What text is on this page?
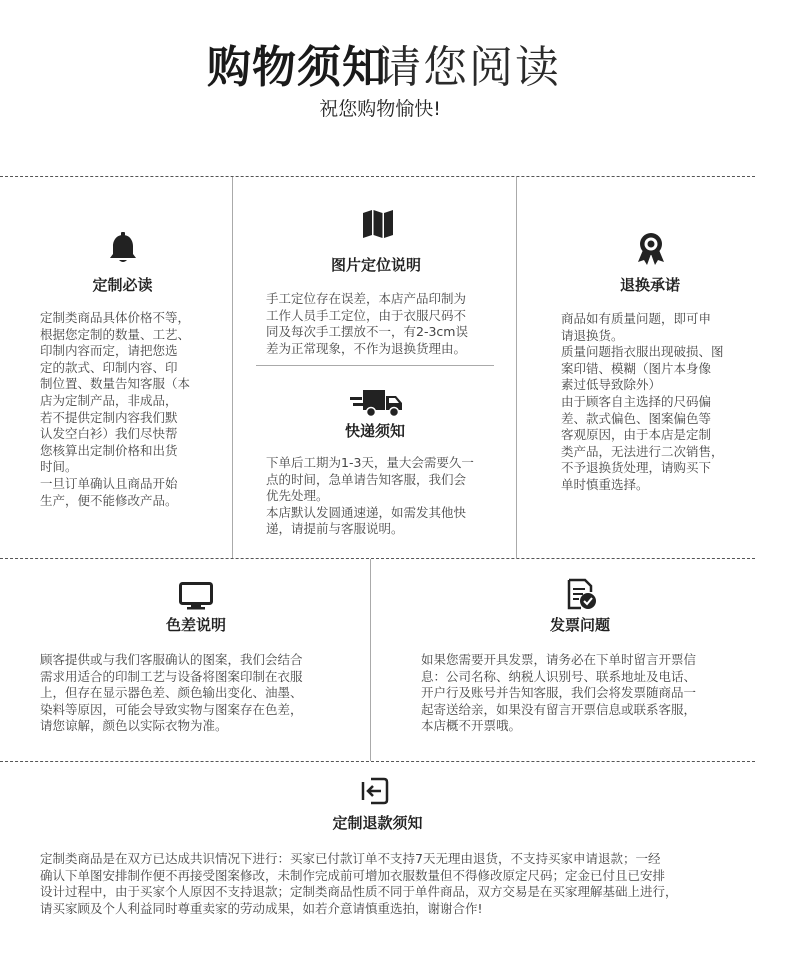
购物须知
请您阅读
祝您购物愉快!
定制必读
定制类商品具体价格不等，
根据您定制的数量、工艺、
印制内容而定，请把您选
定的款式、印制内容、印
制位置、数量告知客服（本
店为定制产品，非成品，
若不提供定制内容我们默
认发空白衫）我们尽快帮
您核算出定制价格和出货
时间。
一旦订单确认且商品开始
生产，便不能修改产品。
图片定位说明
手工定位存在误差，本店产品印制为
工作人员手工定位，由于衣服尺码不
同及每次手工摆放不一，有2-3cm误
差为正常现象，不作为退换货理由。
快递须知
下单后工期为1-3天，量大会需要久一
点的时间，急单请告知客服，我们会
优先处理。
本店默认发圆通速递，如需发其他快
递，请提前与客服说明。
退换承诺
商品如有质量问题，即可申
请退换货。
质量问题指衣服出现破损、图
案印错、模糊（图片本身像
素过低导致除外）
由于顾客自主选择的尺码偏
差、款式偏色、图案偏色等
客观原因，由于本店是定制
类产品，无法进行二次销售，
不予退换货处理，请购买下
单时慎重选择。
色差说明
顾客提供或与我们客服确认的图案，我们会结合
需求用适合的印制工艺与设备将图案印制在衣服
上，但存在显示器色差、颜色输出变化、油墨、
染料等原因，可能会导致实物与图案存在色差，
请您谅解，颜色以实际衣物为准。
发票问题
如果您需要开具发票，请务必在下单时留言开票信
息：公司名称、纳税人识别号、联系地址及电话、
开户行及账号并告知客服，我们会将发票随商品一
起寄送给亲，如果没有留言开票信息或联系客服，
本店概不开票哦。
定制退款须知
定制类商品是在双方已达成共识情况下进行：买家已付款订单不支持7天无理由退货，不支持买家申请退款；一经
确认下单图安排制作便不再接受图案修改，未制作完成前可增加衣服数量但不得修改原定尺码；定金已付且已安排
设计过程中，由于买家个人原因不支持退款；定制类商品性质不同于单件商品，双方交易是在买家理解基础上进行，
请买家顾及个人利益同时尊重卖家的劳动成果，如若介意请慎重选拍，谢谢合作!
